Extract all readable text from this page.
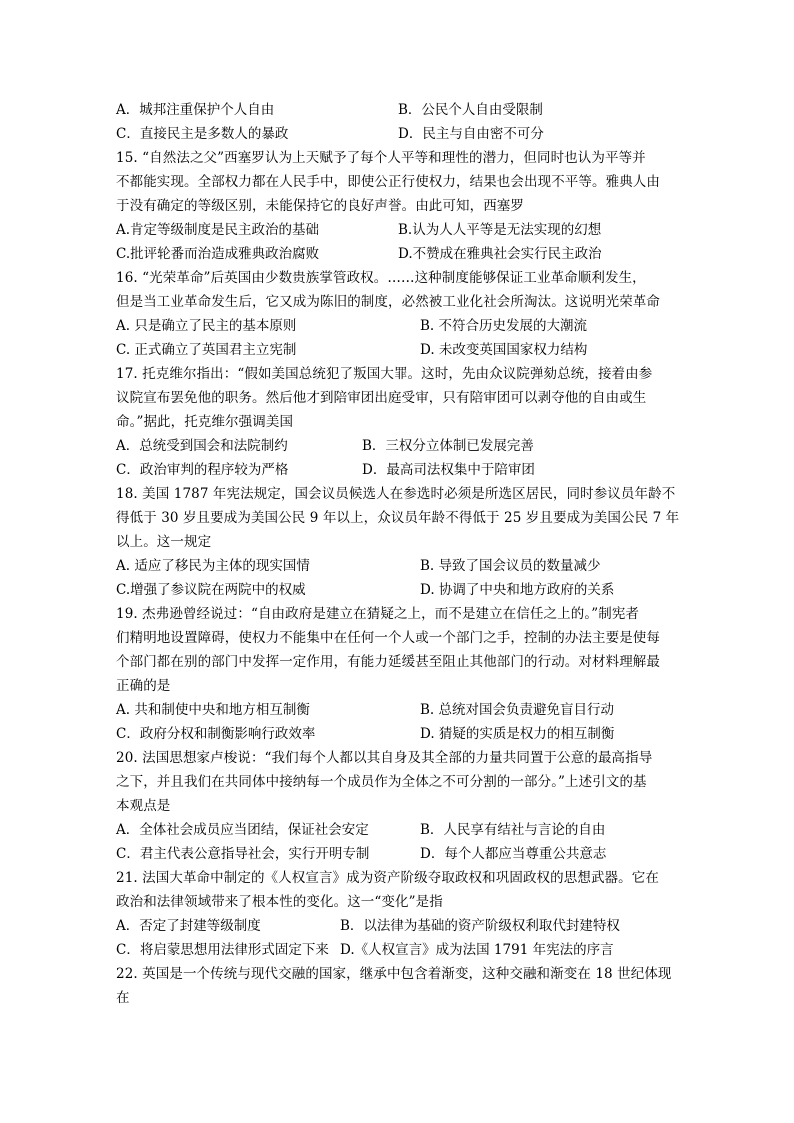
A．城邦注重保护个人自由	B．公民个人自由受限制
C．直接民主是多数人的暴政	D．民主与自由密不可分
15. “自然法之父”西塞罗认为上天赋予了每个人平等和理性的潜力，但同时也认为平等并
不都能实现。全部权力都在人民手中，即使公正行使权力，结果也会出现不平等。雅典人由
于没有确定的等级区别，未能保持它的良好声誉。由此可知，西塞罗
A.肯定等级制度是民主政治的基础	B.认为人人平等是无法实现的幻想
C.批评轮番而治造成雅典政治腐败	D.不赞成在雅典社会实行民主政治
16. “光荣革命”后英国由少数贵族掌管政权。……这种制度能够保证工业革命顺利发生，
但是当工业革命发生后，它又成为陈旧的制度，必然被工业化社会所淘汰。这说明光荣革命
A. 只是确立了民主的基本原则	B. 不符合历史发展的大潮流
C. 正式确立了英国君主立宪制	D. 未改变英国国家权力结构
17. 托克维尔指出：“假如美国总统犯了叛国大罪。这时，先由众议院弹劾总统，接着由参
议院宣布罢免他的职务。然后他才到陪审团出庭受审，只有陪审团可以剥夺他的自由或生
命。”据此，托克维尔强调美国
A．总统受到国会和法院制约	B．三权分立体制已发展完善
C．政治审判的程序较为严格	D．最高司法权集中于陪审团
18. 美国 1787 年宪法规定，国会议员候选人在参选时必须是所选区居民，同时参议员年龄不
得低于 30 岁且要成为美国公民 9 年以上，众议员年龄不得低于 25 岁且要成为美国公民 7 年
以上。这一规定
A. 适应了移民为主体的现实国情	B. 导致了国会议员的数量减少
C.增强了参议院在两院中的权威	D. 协调了中央和地方政府的关系
19. 杰弗逊曾经说过：“自由政府是建立在猜疑之上，而不是建立在信任之上的。”制宪者
们精明地设置障碍，使权力不能集中在任何一个人或一个部门之手，控制的办法主要是使每
个部门都在别的部门中发挥一定作用，有能力延缓甚至阻止其他部门的行动。对材料理解最
正确的是
A. 共和制使中央和地方相互制衡	B. 总统对国会负责避免盲目行动
C．政府分权和制衡影响行政效率	D. 猜疑的实质是权力的相互制衡
20. 法国思想家卢梭说：“我们每个人都以其自身及其全部的力量共同置于公意的最高指导
之下，并且我们在共同体中接纳每一个成员作为全体之不可分割的一部分。”上述引文的基
本观点是
A．全体社会成员应当团结，保证社会安定	B．人民享有结社与言论的自由
C．君主代表公意指导社会，实行开明专制	D．每个人都应当尊重公共意志
21. 法国大革命中制定的《人权宣言》成为资产阶级夺取政权和巩固政权的思想武器。它在
政治和法律领域带来了根本性的变化。这一“变化”是指
A．否定了封建等级制度	B．以法律为基础的资产阶级权利取代封建特权
C．将启蒙思想用法律形式固定下来 D.《人权宣言》成为法国 1791 年宪法的序言
22. 英国是一个传统与现代交融的国家，继承中包含着渐变，这种交融和渐变在 18 世纪体现
在
